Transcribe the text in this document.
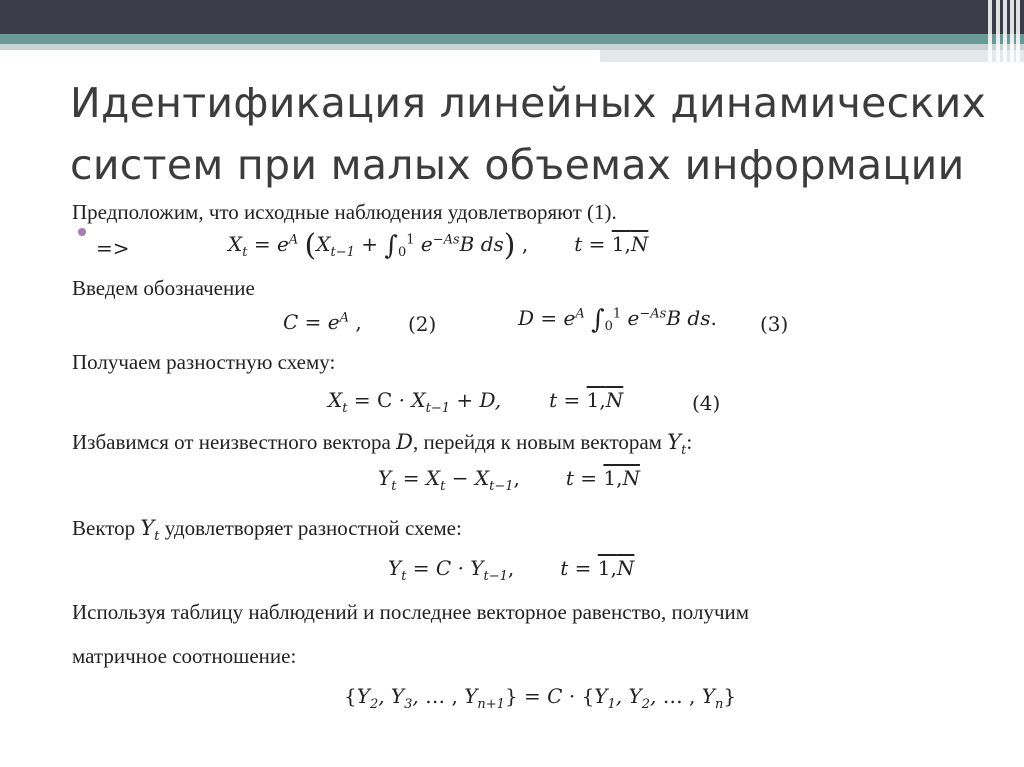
Идентификация линейных динамических систем при малых объемах информации
Предположим, что исходные наблюдения удовлетворяют (1).
=>	$X_t = e^A$ ($X_{t-1} + \int_0^1$ $e^{-As}B$ ds) , $t = 1,\overline{N}$
Введем обозначение
$C = e^A$ , (2)	$D = e^A$ $\int_0^1$ $e^{-As}B$ ds. (3)
Получаем разностную схему:
$X_t = C \cdot X_{t-1} + D$, $t = 1,\overline{N}$	(4)
Избавимся от неизвестного вектора D, перейдя к новым векторам $Y_t$:
$Y_t = X_t - X_{t-1}$, $t = 1,\overline{N}$
Вектор $Y_t$ удовлетворяет разностной схеме:
$Y_t = C \cdot Y_{t-1}$, $t = 1,\overline{N}$
Используя таблицу наблюдений и последнее векторное равенство, получим
матричное соотношение:
{$Y_2$, $Y_3$, … , $Y_{n+1}\} = C \cdot \{Y_1$, $Y_2$, … , $Y_n$}
